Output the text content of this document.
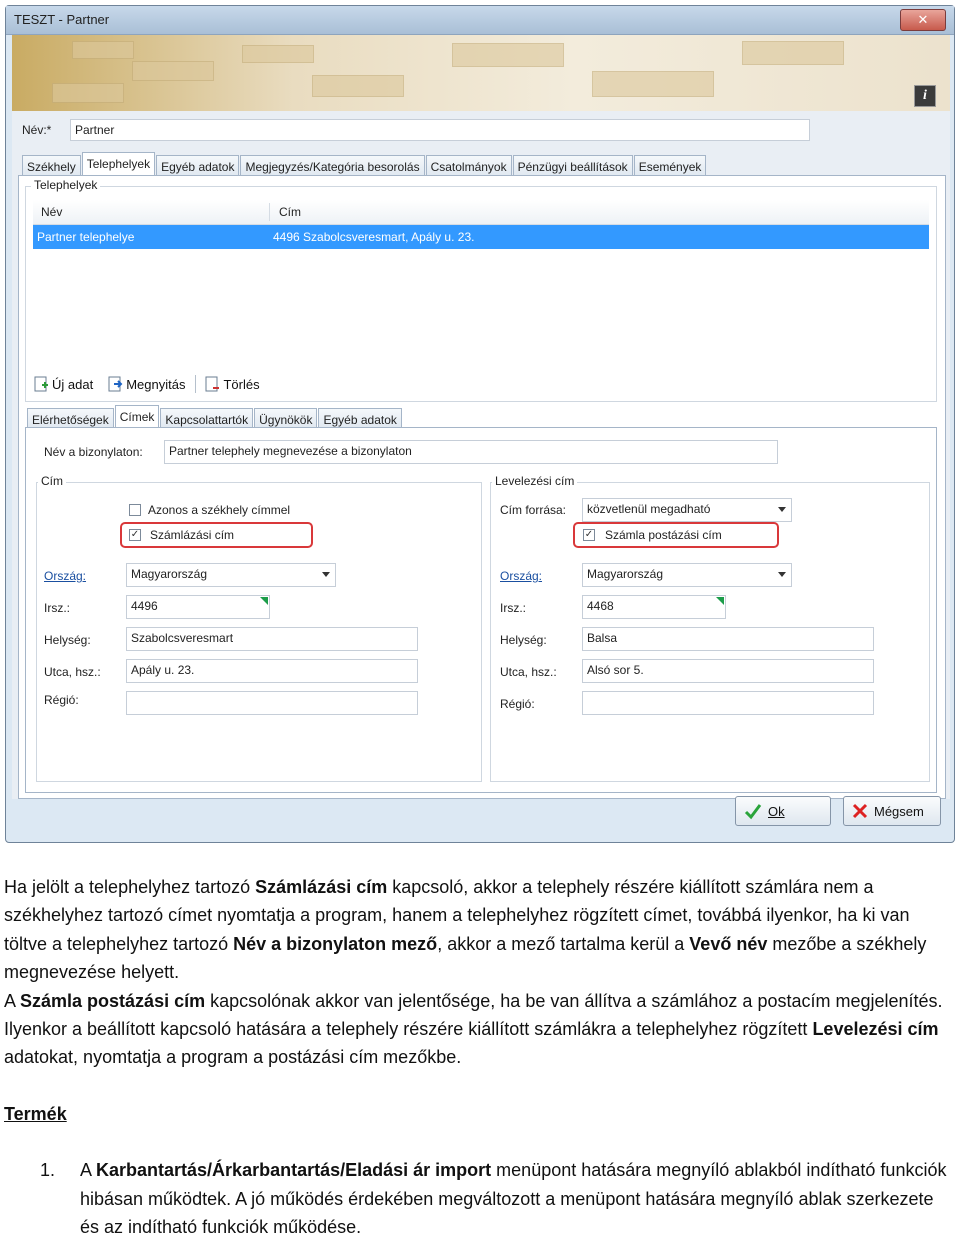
TESZT - Partner	✕
i
Név:*	Partner
Székhely Telephelyek Egyéb adatok Megjegyzés/Kategória besorolás Csatolmányok Pénzügyi beállítások Események
Telephelyek
Név	Cím
Partner telephelye	4496 Szabolcsveresmart, Apály u. 23.
Új adat	Megnyitás	Törlés
Elérhetőségek Címek Kapcsolattartók Ügynökök Egyéb adatok
Név a bizonylaton:	Partner telephely megnevezése a bizonylaton
Cím
Azonos a székhely címmel
✓ Számlázási cím
Ország:	Magyarország
Irsz.:	4496
Helység:	Szabolcsveresmart
Utca, hsz.:	Apály u. 23.
Régió:
Levelezési cím
Cím forrása:	közvetlenül megadható
✓ Számla postázási cím
Ország:	Magyarország
Irsz.:	4468
Helység:	Balsa
Utca, hsz.:	Alsó sor 5.
Régió:
Ok	Mégsem

Ha jelölt a telephelyhez tartozó Számlázási cím kapcsoló, akkor a telephely részére kiállított számlára nem a székhelyhez tartozó címet nyomtatja a program, hanem a telephelyhez rögzített címet, továbbá ilyenkor, ha ki van töltve a telephelyhez tartozó Név a bizonylaton mező, akkor a mező tartalma kerül a Vevő név mezőbe a székhely megnevezése helyett.

A Számla postázási cím kapcsolónak akkor van jelentősége, ha be van állítva a számlához a postacím megjelenítés. Ilyenkor a beállított kapcsoló hatására a telephely részére kiállított számlákra a telephelyhez rögzített Levelezési cím adatokat, nyomtatja a program a postázási cím mezőkbe.

Termék

1.	A Karbantartás/Árkarbantartás/Eladási ár import menüpont hatására megnyíló ablakból indítható funkciók hibásan működtek. A jó működés érdekében megváltozott a menüpont hatására megnyíló ablak szerkezete és az indítható funkciók működése.
